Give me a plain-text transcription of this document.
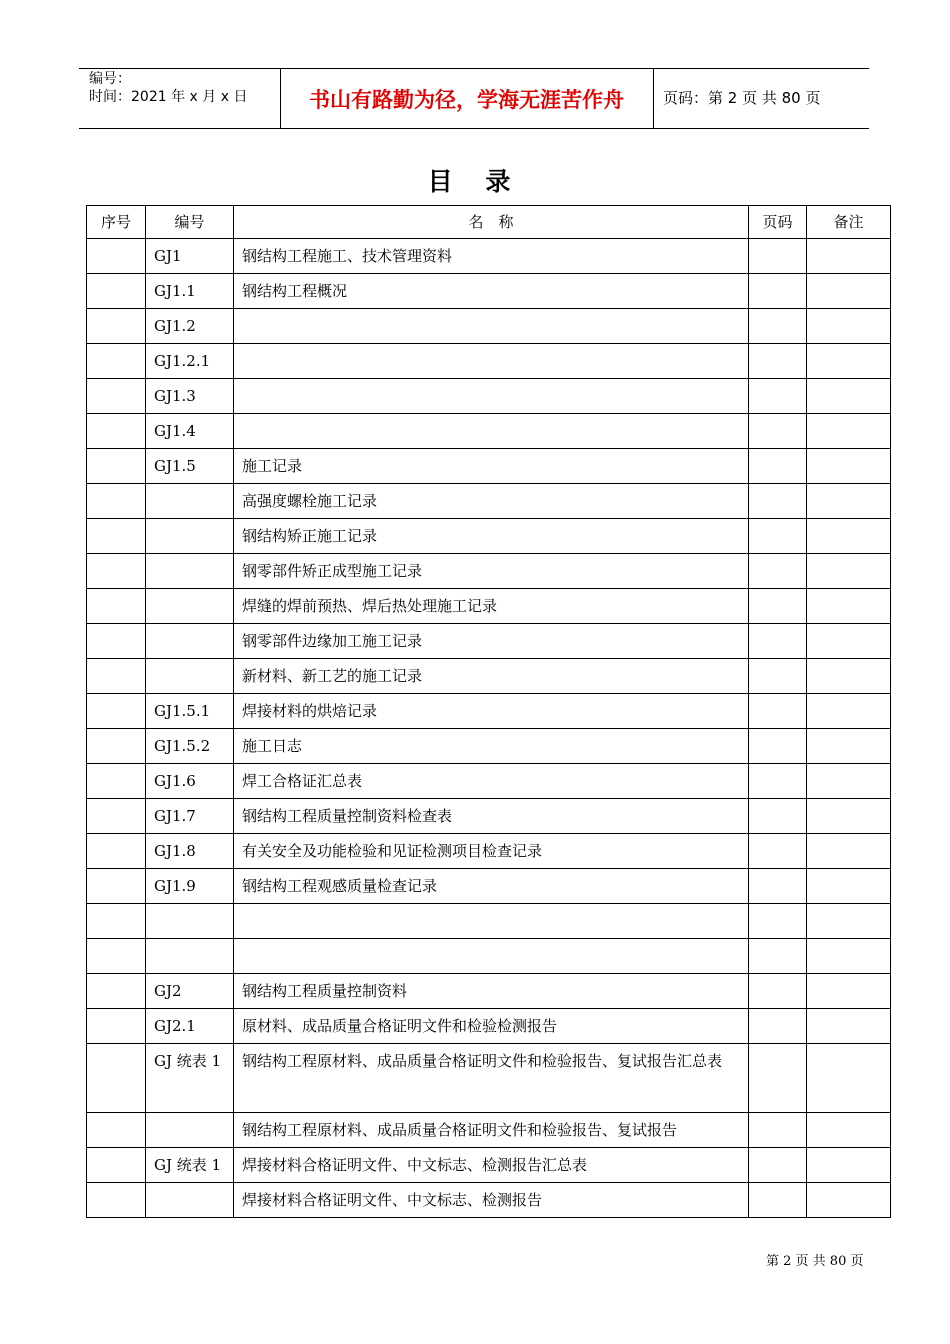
编号：
时间：2021 年 x 月 x 日	书山有路勤为径，学海无涯苦作舟	页码：第 2 页 共 80 页
目 录
序号	编号	名　称	页码	备注
	GJ1	钢结构工程施工、技术管理资料		
	GJ1.1	钢结构工程概况		
	GJ1.2			
	GJ1.2.1			
	GJ1.3			
	GJ1.4			
	GJ1.5	施工记录		
		高强度螺栓施工记录		
		钢结构矫正施工记录		
		钢零部件矫正成型施工记录		
		焊缝的焊前预热、焊后热处理施工记录		
		钢零部件边缘加工施工记录		
		新材料、新工艺的施工记录		
	GJ1.5.1	焊接材料的烘焙记录		
	GJ1.5.2	施工日志		
	GJ1.6	焊工合格证汇总表		
	GJ1.7	钢结构工程质量控制资料检查表		
	GJ1.8	有关安全及功能检验和见证检测项目检查记录		
	GJ1.9	钢结构工程观感质量检查记录		

	GJ2	钢结构工程质量控制资料		
	GJ2.1	原材料、成品质量合格证明文件和检验检测报告		
	GJ 统表 1	钢结构工程原材料、成品质量合格证明文件和检验报告、复试报告汇总表		
		钢结构工程原材料、成品质量合格证明文件和检验报告、复试报告		
	GJ 统表 1	焊接材料合格证明文件、中文标志、检测报告汇总表		
		焊接材料合格证明文件、中文标志、检测报告		
第 2 页 共 80 页
